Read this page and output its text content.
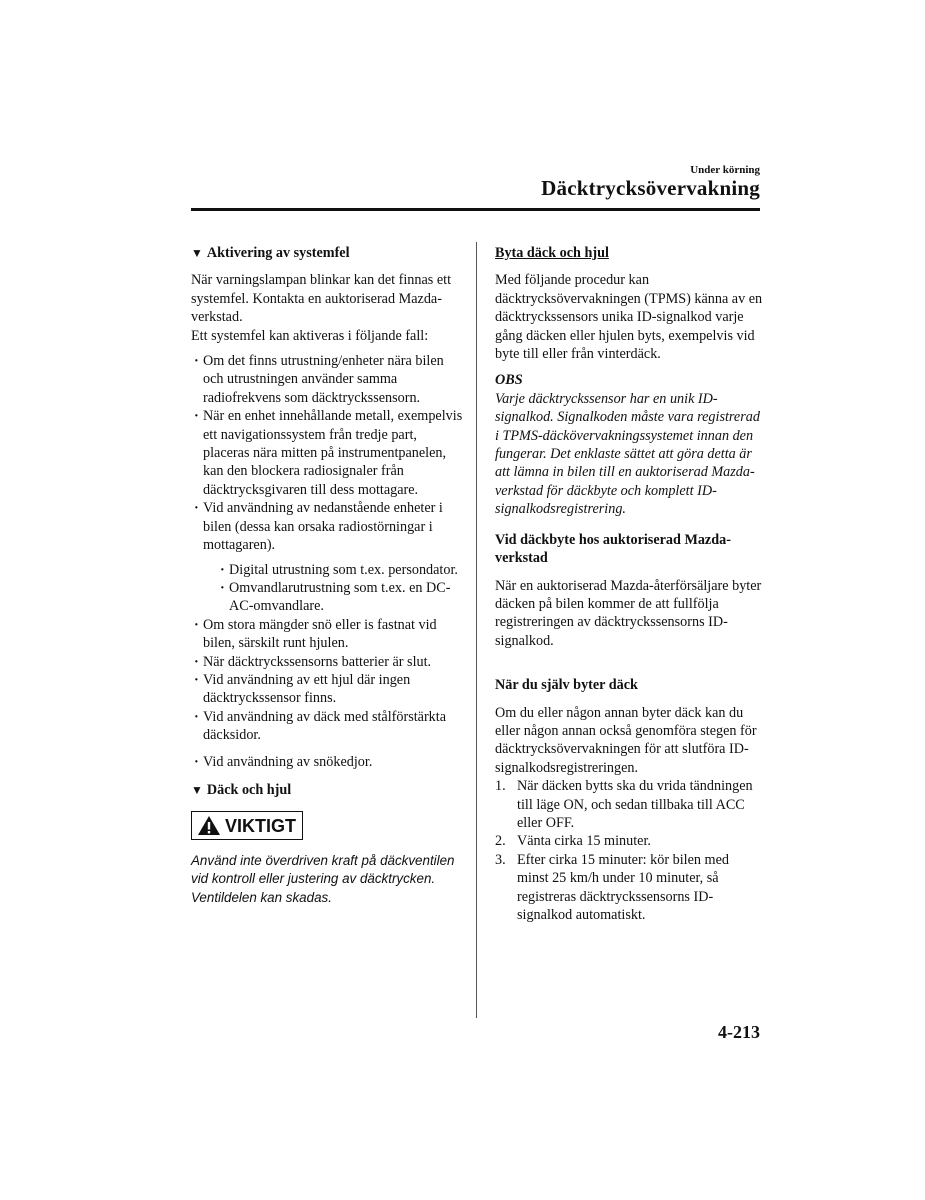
Under körning
Däcktrycksövervakning

▼ Aktivering av systemfel

När varningslampan blinkar kan det finnas ett systemfel. Kontakta en auktoriserad Mazda-verkstad.

Ett systemfel kan aktiveras i följande fall:

· Om det finns utrustning/enheter nära bilen och utrustningen använder samma radiofrekvens som däcktryckssensorn.
· När en enhet innehållande metall, exempelvis ett navigationssystem från tredje part, placeras nära mitten på instrumentpanelen, kan den blockera radiosignaler från däcktrycksgivaren till dess mottagare.
· Vid användning av nedanstående enheter i bilen (dessa kan orsaka radiostörningar i mottagaren).
· Digital utrustning som t.ex. persondator.
· Omvandlarutrustning som t.ex. en DC-AC-omvandlare.
· Om stora mängder snö eller is fastnat vid bilen, särskilt runt hjulen.
· När däcktryckssensorns batterier är slut.
· Vid användning av ett hjul där ingen däcktryckssensor finns.
· Vid användning av däck med stålförstärkta däcksidor.
· Vid användning av snökedjor.

▼ Däck och hjul

VIKTIGT

Använd inte överdriven kraft på däckventilen vid kontroll eller justering av däcktrycken. Ventildelen kan skadas.

Byta däck och hjul

Med följande procedur kan däcktrycksövervakningen (TPMS) känna av en däcktryckssensors unika ID-signalkod varje gång däcken eller hjulen byts, exempelvis vid byte till eller från vinterdäck.

OBS

Varje däcktryckssensor har en unik ID-signalkod. Signalkoden måste vara registrerad i TPMS-däckövervakningssystemet innan den fungerar. Det enklaste sättet att göra detta är att lämna in bilen till en auktoriserad Mazda-verkstad för däckbyte och komplett ID-signalkodsregistrering.

Vid däckbyte hos auktoriserad Mazda-verkstad

När en auktoriserad Mazda-återförsäljare byter däcken på bilen kommer de att fullfölja registreringen av däcktryckssensorns ID-signalkod.

När du själv byter däck

Om du eller någon annan byter däck kan du eller någon annan också genomföra stegen för däcktrycksövervakningen för att slutföra ID-signalkodsregistreringen.

1. När däcken bytts ska du vrida tändningen till läge ON, och sedan tillbaka till ACC eller OFF.
2. Vänta cirka 15 minuter.
3. Efter cirka 15 minuter: kör bilen med minst 25 km/h under 10 minuter, så registreras däcktryckssensorns ID-signalkod automatiskt.
4-213
